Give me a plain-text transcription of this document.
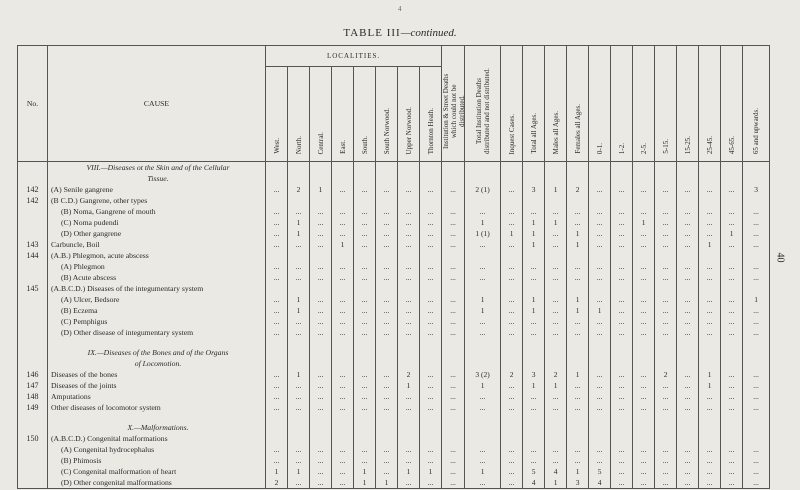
4
TABLE III—continued.
40
No.	CAUSE	LOCALITIES.								Institution & Street Deaths which could not be distributed.	Total Institution Deaths distributed and not distributed.	Inquest Cases.	Total all Ages.	Males all Ages.	Females all Ages.	0-1.	1-2.	2-5.	5-15.	15-25.	25-45.	45-65.	65 and upwards.
		West.	North.	Central.	East.	South.	South Norwood.	Upper Norwood.	Thornton Heath.														
	VIII.—Diseases ot the Skin and of the Cellular																						
	Tissue.																						
142	(A) Senile gangrene	...	2	1	...	...	...	...	...	...	2 (1)	...	3	1	2	...	...	...	...	...	...	...	3
142	(B C.D.) Gangrene, other types																						
	(B) Noma, Gangrene of mouth	...	...	...	...	...	...	...	...	...	...	...	...	...	...	...	...	...	...	...	...	...	...
	(C) Noma pudendi	...	1	...	...	...	...	...	...	...	1	...	1	1	...	...	...	1	...	...	...	...	...
	(D) Other gangrene	...	1	...	...	...	...	...	...	...	1 (1)	1	1	...	1	...	...	...	...	...	...	1	...
143	Carbuncle, Boil	...	...	...	1	...	...	...	...	...	...	...	1	...	1	...	...	...	...	...	1	...	...
144	(A.B.) Phlegmon, acute abscess																						
	(A) Phlegmon	...	...	...	...	...	...	...	...	...	...	...	...	...	...	...	...	...	...	...	...	...	...
	(B) Acute abscess	...	...	...	...	...	...	...	...	...	...	...	...	...	...	...	...	...	...	...	...	...	...
145	(A.B.C.D.) Diseases of the integumentary system																						
	(A) Ulcer, Bedsore	...	1	...	...	...	...	...	...	...	1	...	1	...	1	...	...	...	...	...	...	...	1
	(B) Eczema	...	1	...	...	...	...	...	...	...	1	...	1	...	1	1	...	...	...	...	...	...	...
	(C) Pemphigus	...	...	...	...	...	...	...	...	...	...	...	...	...	...	...	...	...	...	...	...	...	...
	(D) Other disease of integumentary system	...	...	...	...	...	...	...	...	...	...	...	...	...	...	...	...	...	...	...	...	...	...

	IX.—Diseases of the Bones and of the Organs																						
	of Locomotion.																						
146	Diseases of the bones	...	1	...	...	...	...	2	...	...	3 (2)	2	3	2	1	...	...	...	2	...	1	...	...
147	Diseases of the joints	...	...	...	...	...	...	1	...	...	1	...	1	1	...	...	...	...	...	...	1	...	...
148	Amputations	...	...	...	...	...	...	...	...	...	...	...	...	...	...	...	...	...	...	...	...	...	...
149	Other diseases of locomotor system	...	...	...	...	...	...	...	...	...	...	...	...	...	...	...	...	...	...	...	...	...	...

	X.—Malformations.																						
150	(A.B.C.D.) Congenital malformations																						
	(A) Congenital hydrocephalus	...	...	...	...	...	...	...	...	...	...	...	...	...	...	...	...	...	...	...	...	...	...
	(B) Phimosis	...	...	...	...	...	...	...	...	...	...	...	...	...	...	...	...	...	...	...	...	...	...
	(C) Congenital malformation of heart	1	1	...	...	1	...	1	1	...	1	...	5	4	1	5	...	...	...	...	...	...	...
	(D) Other congenital malformations	2	...	...	...	1	1	...	...	...	...	...	4	1	3	4	...	...	...	...	...	...	...
